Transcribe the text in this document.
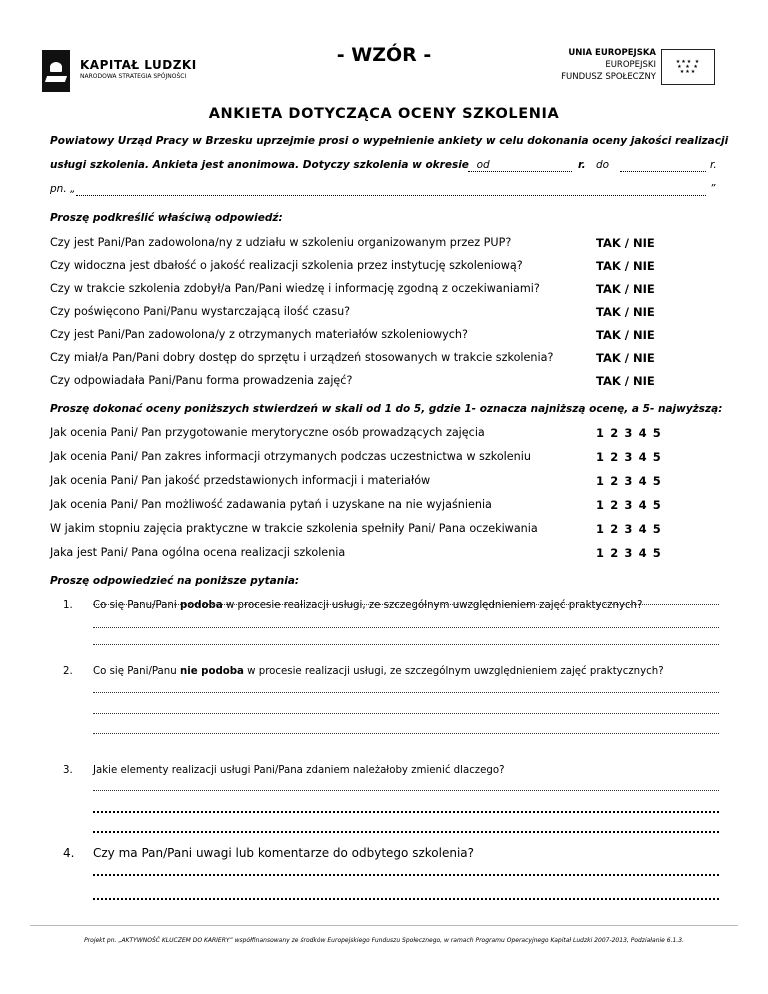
KAPITAŁ LUDZKI
NARODOWA STRATEGIA SPÓJNOŚCI
- WZÓR -	UNIA EUROPEJSKA
EUROPEJSKI
FUNDUSZ SPOŁECZNY
★★★ ★ ★ ★ ★ ★★★
ANKIETA DOTYCZĄCA OCENY SZKOLENIA
Powiatowy Urząd Pracy w Brzesku uprzejmie prosi o wypełnienie ankiety w celu dokonania oceny jakości realizacji
usługi szkolenia. Ankieta jest anonimowa. Dotyczy szkolenia w okresie od	r. do	r.
pn. „	”
Proszę podkreślić właściwą odpowiedź:
Czy jest Pani/Pan zadowolona/ny z udziału w szkoleniu organizowanym przez PUP?	TAK / NIE
Czy widoczna jest dbałość o jakość realizacji szkolenia przez instytucję szkoleniową?	TAK / NIE
Czy w trakcie szkolenia zdobył/a Pan/Pani wiedzę i informację zgodną z oczekiwaniami?	TAK / NIE
Czy poświęcono Pani/Panu wystarczającą ilość czasu?	TAK / NIE
Czy jest Pani/Pan zadowolona/y z otrzymanych materiałów szkoleniowych?	TAK / NIE
Czy miał/a Pan/Pani dobry dostęp do sprzętu i urządzeń stosowanych w trakcie szkolenia?	TAK / NIE
Czy odpowiadała Pani/Panu forma prowadzenia zajęć?	TAK / NIE
Proszę dokonać oceny poniższych stwierdzeń w skali od 1 do 5, gdzie 1- oznacza najniższą ocenę, a 5- najwyższą:
Jak ocenia Pani/ Pan przygotowanie merytoryczne osób prowadzących zajęcia	12345
Jak ocenia Pani/ Pan zakres informacji otrzymanych podczas uczestnictwa w szkoleniu	12345
Jak ocenia Pani/ Pan jakość przedstawionych informacji i materiałów	12345
Jak ocenia Pani/ Pan możliwość zadawania pytań i uzyskane na nie wyjaśnienia	12345
W jakim stopniu zajęcia praktyczne w trakcie szkolenia spełniły Pani/ Pana oczekiwania	12345
Jaka jest Pani/ Pana ogólna ocena realizacji szkolenia	12345
Proszę odpowiedzieć na poniższe pytania:
1. Co się Panu/Pani podoba w procesie realizacji usługi, ze szczególnym uwzględnieniem zajęć praktycznych?
2. Co się Pani/Panu nie podoba w procesie realizacji usługi, ze szczególnym uwzględnieniem zajęć praktycznych?
3. Jakie elementy realizacji usługi Pani/Pana zdaniem należałoby zmienić dlaczego?
4. Czy ma Pan/Pani uwagi lub komentarze do odbytego szkolenia?
Projekt pn. „AKTYWNOŚĆ KLUCZEM DO KARIERY” współfinansowany ze środków Europejskiego Funduszu Społecznego, w ramach Programu Operacyjnego Kapitał Ludzki 2007-2013, Podziałanie 6.1.3.
